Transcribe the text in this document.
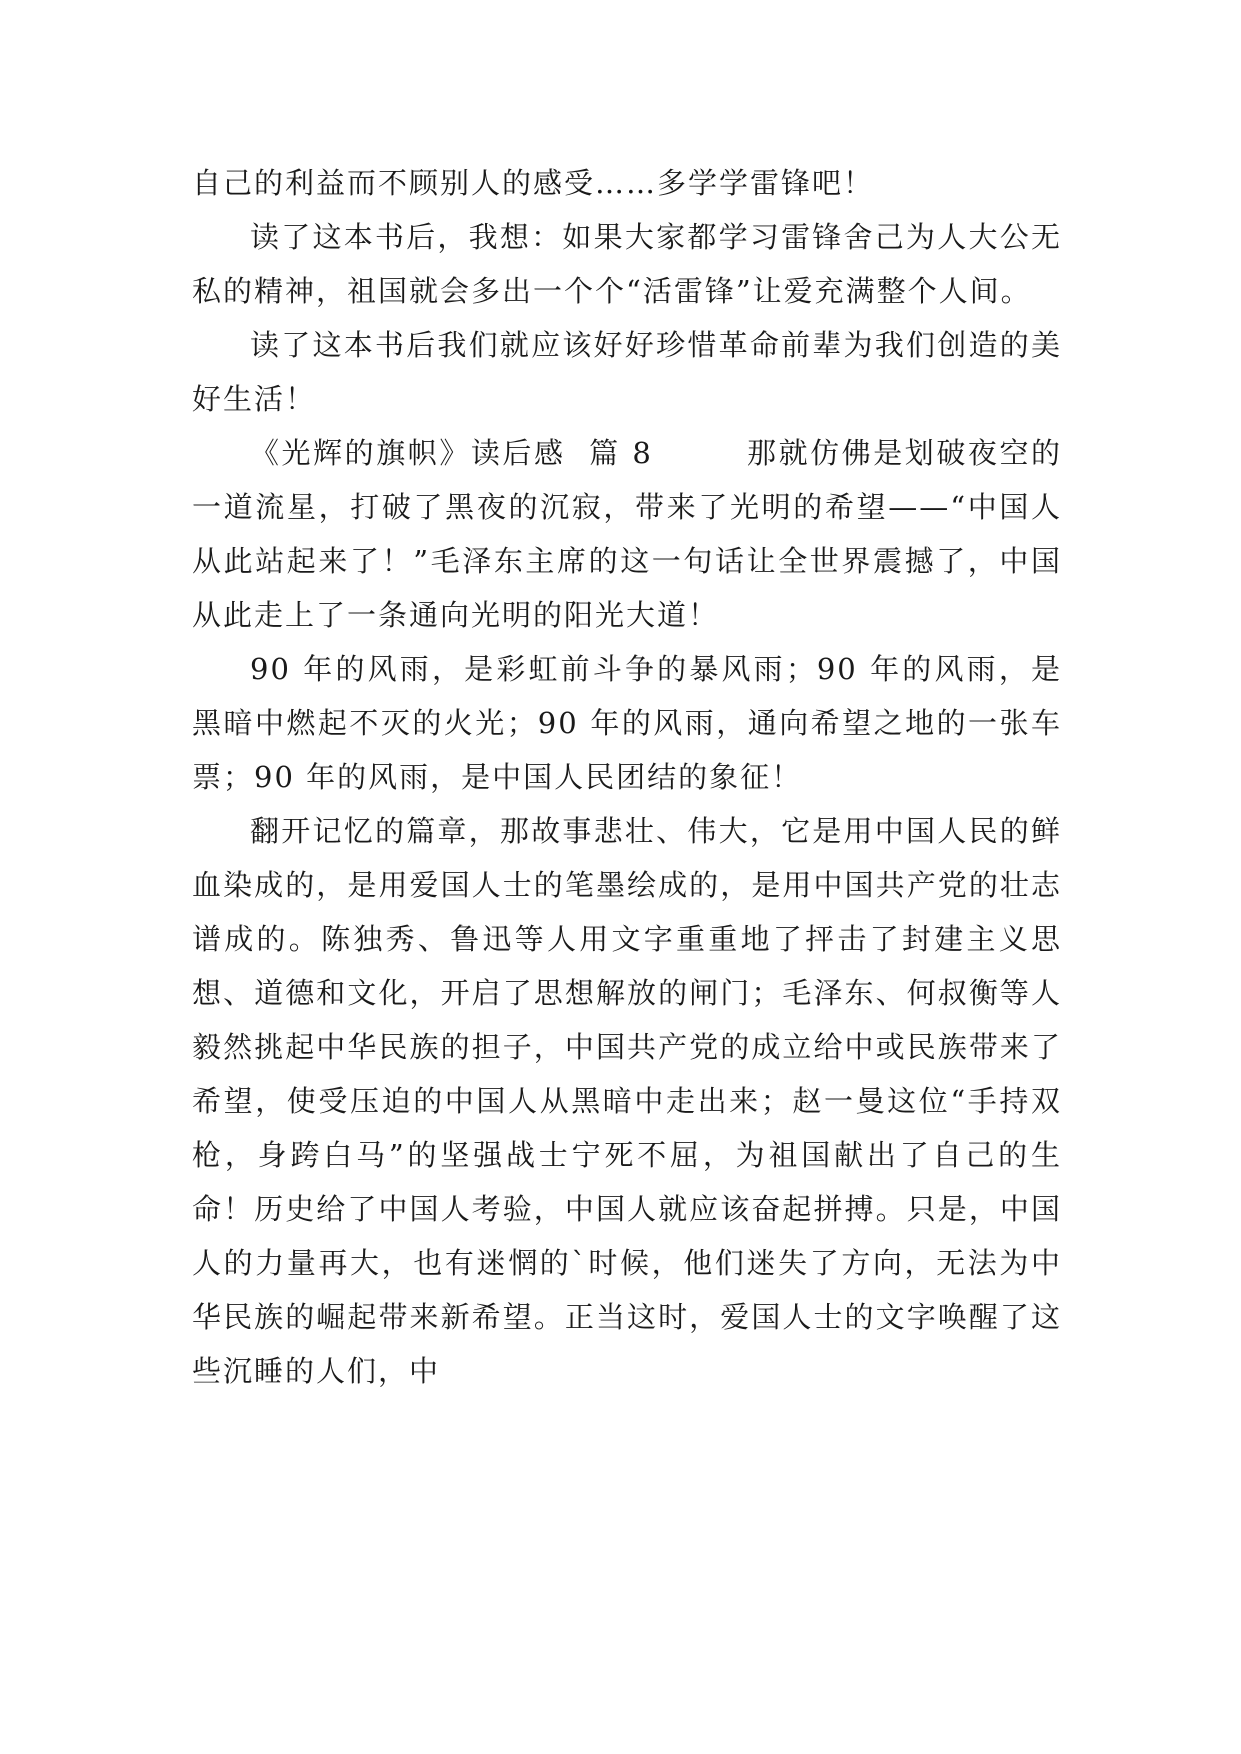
自己的利益而不顾别人的感受……多学学雷锋吧！

读了这本书后，我想：如果大家都学习雷锋舍己为人大公无私的精神，祖国就会多出一个个“活雷锋”让爱充满整个人间。

读了这本书后我们就应该好好珍惜革命前辈为我们创造的美好生活！

《光辉的旗帜》读后感  篇 8        那就仿佛是划破夜空的一道流星，打破了黑夜的沉寂，带来了光明的希望——“中国人从此站起来了！”毛泽东主席的这一句话让全世界震撼了，中国从此走上了一条通向光明的阳光大道！

90 年的风雨，是彩虹前斗争的暴风雨；90 年的风雨，是黑暗中燃起不灭的火光；90 年的风雨，通向希望之地的一张车票；90 年的风雨，是中国人民团结的象征！

翻开记忆的篇章，那故事悲壮、伟大，它是用中国人民的鲜血染成的，是用爱国人士的笔墨绘成的，是用中国共产党的壮志谱成的。陈独秀、鲁迅等人用文字重重地了抨击了封建主义思想、道德和文化，开启了思想解放的闸门；毛泽东、何叔衡等人毅然挑起中华民族的担子，中国共产党的成立给中或民族带来了希望，使受压迫的中国人从黑暗中走出来；赵一曼这位“手持双枪，身跨白马”的坚强战士宁死不屈，为祖国献出了自己的生命！历史给了中国人考验，中国人就应该奋起拼搏。只是，中国人的力量再大，也有迷惘的`时候，他们迷失了方向，无法为中华民族的崛起带来新希望。正当这时，爱国人士的文字唤醒了这些沉睡的人们，中
